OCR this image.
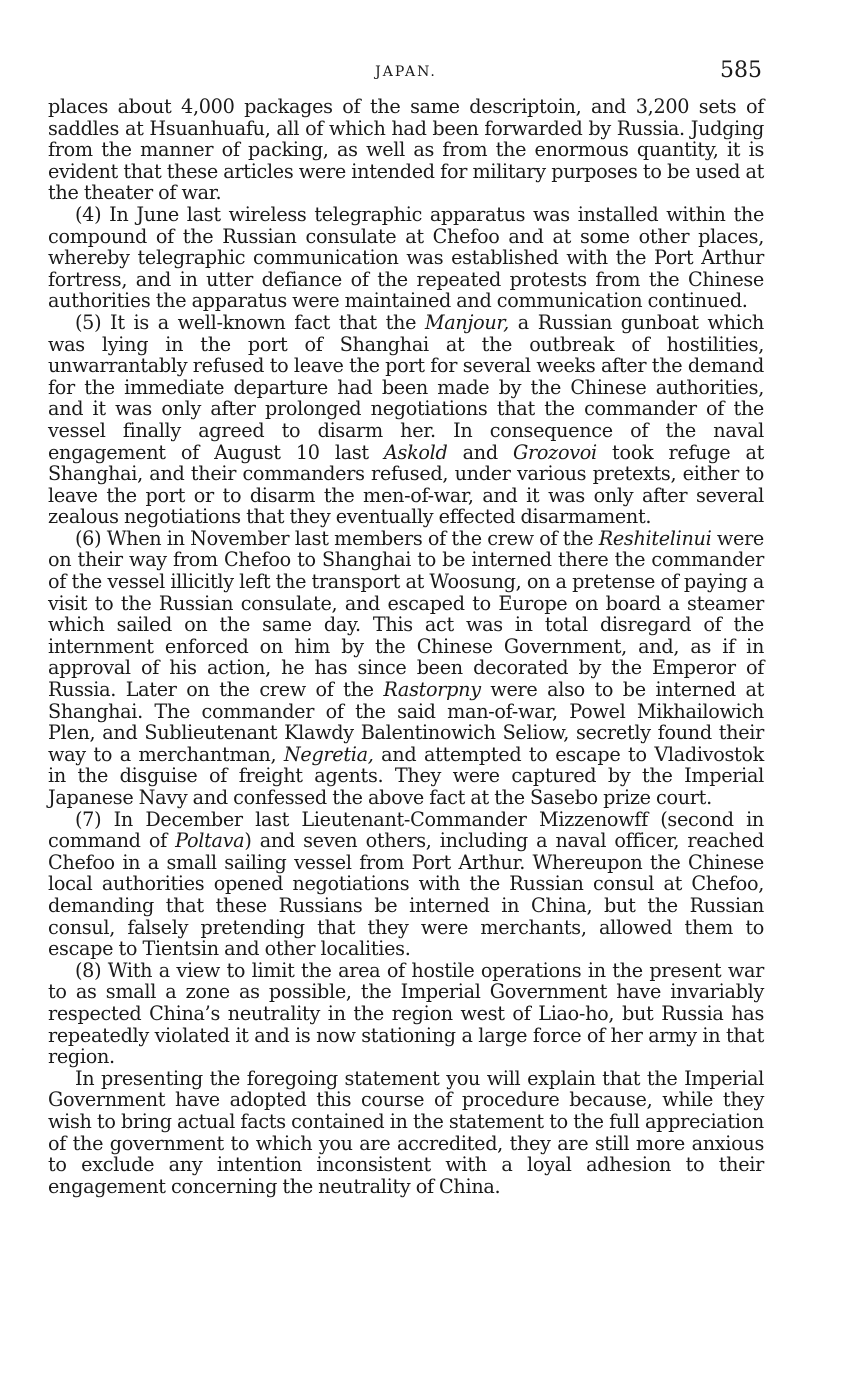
JAPAN.	585

places about 4,000 packages of the same descriptoin, and 3,200 sets of saddles at Hsuanhuafu, all of which had been forwarded by Russia. Judging from the manner of packing, as well as from the enormous quantity, it is evident that these articles were intended for military purposes to be used at the theater of war.

(4) In June last wireless telegraphic apparatus was installed within the compound of the Russian consulate at Chefoo and at some other places, whereby telegraphic communication was established with the Port Arthur fortress, and in utter defiance of the repeated protests from the Chinese authorities the apparatus were maintained and communication continued.

(5) It is a well-known fact that the Manjour, a Russian gunboat which was lying in the port of Shanghai at the outbreak of hostilities, unwarrantably refused to leave the port for several weeks after the demand for the immediate departure had been made by the Chinese authorities, and it was only after prolonged negotiations that the commander of the vessel finally agreed to disarm her. In consequence of the naval engagement of August 10 last Askold and Grozovoi took refuge at Shanghai, and their commanders refused, under various pretexts, either to leave the port or to disarm the men-of-war, and it was only after several zealous negotiations that they eventually effected disarmament.

(6) When in November last members of the crew of the Reshitelinui were on their way from Chefoo to Shanghai to be interned there the commander of the vessel illicitly left the transport at Woosung, on a pretense of paying a visit to the Russian consulate, and escaped to Europe on board a steamer which sailed on the same day. This act was in total disregard of the internment enforced on him by the Chinese Government, and, as if in approval of his action, he has since been decorated by the Emperor of Russia. Later on the crew of the Rastorpny were also to be interned at Shanghai. The commander of the said man-of-war, Powel Mikhailowich Plen, and Sublieutenant Klawdy Balentinowich Seliow, secretly found their way to a merchantman, Negretia, and attempted to escape to Vladivostok in the disguise of freight agents. They were captured by the Imperial Japanese Navy and confessed the above fact at the Sasebo prize court.

(7) In December last Lieutenant-Commander Mizzenowff (second in command of Poltava) and seven others, including a naval officer, reached Chefoo in a small sailing vessel from Port Arthur. Whereupon the Chinese local authorities opened negotiations with the Russian consul at Chefoo, demanding that these Russians be interned in China, but the Russian consul, falsely pretending that they were merchants, allowed them to escape to Tientsin and other localities.

(8) With a view to limit the area of hostile operations in the present war to as small a zone as possible, the Imperial Government have invariably respected China’s neutrality in the region west of Liao-ho, but Russia has repeatedly violated it and is now stationing a large force of her army in that region.

In presenting the foregoing statement you will explain that the Imperial Government have adopted this course of procedure because, while they wish to bring actual facts contained in the statement to the full appreciation of the government to which you are accredited, they are still more anxious to exclude any intention inconsistent with a loyal adhesion to their engagement concerning the neutrality of China.
